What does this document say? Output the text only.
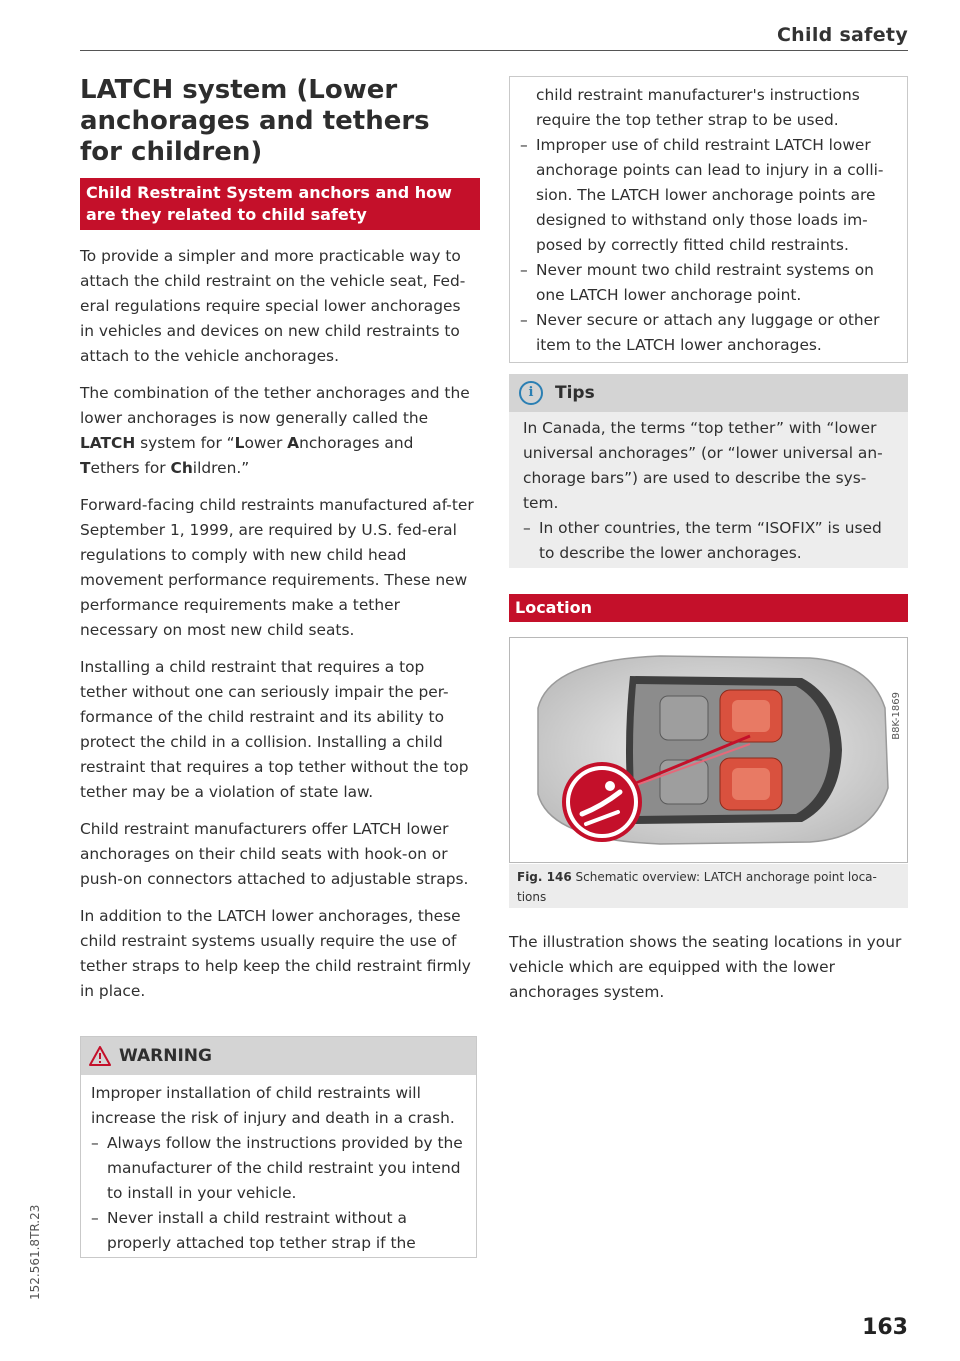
Child safety
LATCH system (Lower anchorages and tethers for children)
Child Restraint System anchors and how are they related to child safety

To provide a simpler and more practicable way to attach the child restraint on the vehicle seat, Fed-eral regulations require special lower anchorages in vehicles and devices on new child restraints to attach to the vehicle anchorages.

The combination of the tether anchorages and the lower anchorages is now generally called the LATCH system for “Lower Anchorages and Tethers for Children.”

Forward-facing child restraints manufactured af-ter September 1, 1999, are required by U.S. fed-eral regulations to comply with new child head movement performance requirements. These new performance requirements make a tether necessary on most new child seats.

Installing a child restraint that requires a top tether without one can seriously impair the per-formance of the child restraint and its ability to protect the child in a collision. Installing a child restraint that requires a top tether without the top tether may be a violation of state law.

Child restraint manufacturers offer LATCH lower anchorages on their child seats with hook-on or push-on connectors attached to adjustable straps.

In addition to the LATCH lower anchorages, these child restraint systems usually require the use of tether straps to help keep the child restraint firmly in place.

WARNING
Improper installation of child restraints will increase the risk of injury and death in a crash.
– Always follow the instructions provided by the manufacturer of the child restraint you intend to install in your vehicle.
– Never install a child restraint without a properly attached top tether strap if the
child restraint manufacturer's instructions require the top tether strap to be used.
– Improper use of child restraint LATCH lower anchorage points can lead to injury in a colli-sion. The LATCH lower anchorage points are designed to withstand only those loads im-posed by correctly fitted child restraints.
– Never mount two child restraint systems on one LATCH lower anchorage point.
– Never secure or attach any luggage or other item to the LATCH lower anchorages.
i	Tips

In Canada, the terms “top tether” with “lower universal anchorages” (or “lower universal an-chorage bars”) are used to describe the sys-tem.

– In other countries, the term “ISOFIX” is used to describe the lower anchorages.
Location
B8K-1869
Fig. 146 Schematic overview: LATCH anchorage point loca-tions
The illustration shows the seating locations in your vehicle which are equipped with the lower anchorages system.
152.561.8TR.23
163
